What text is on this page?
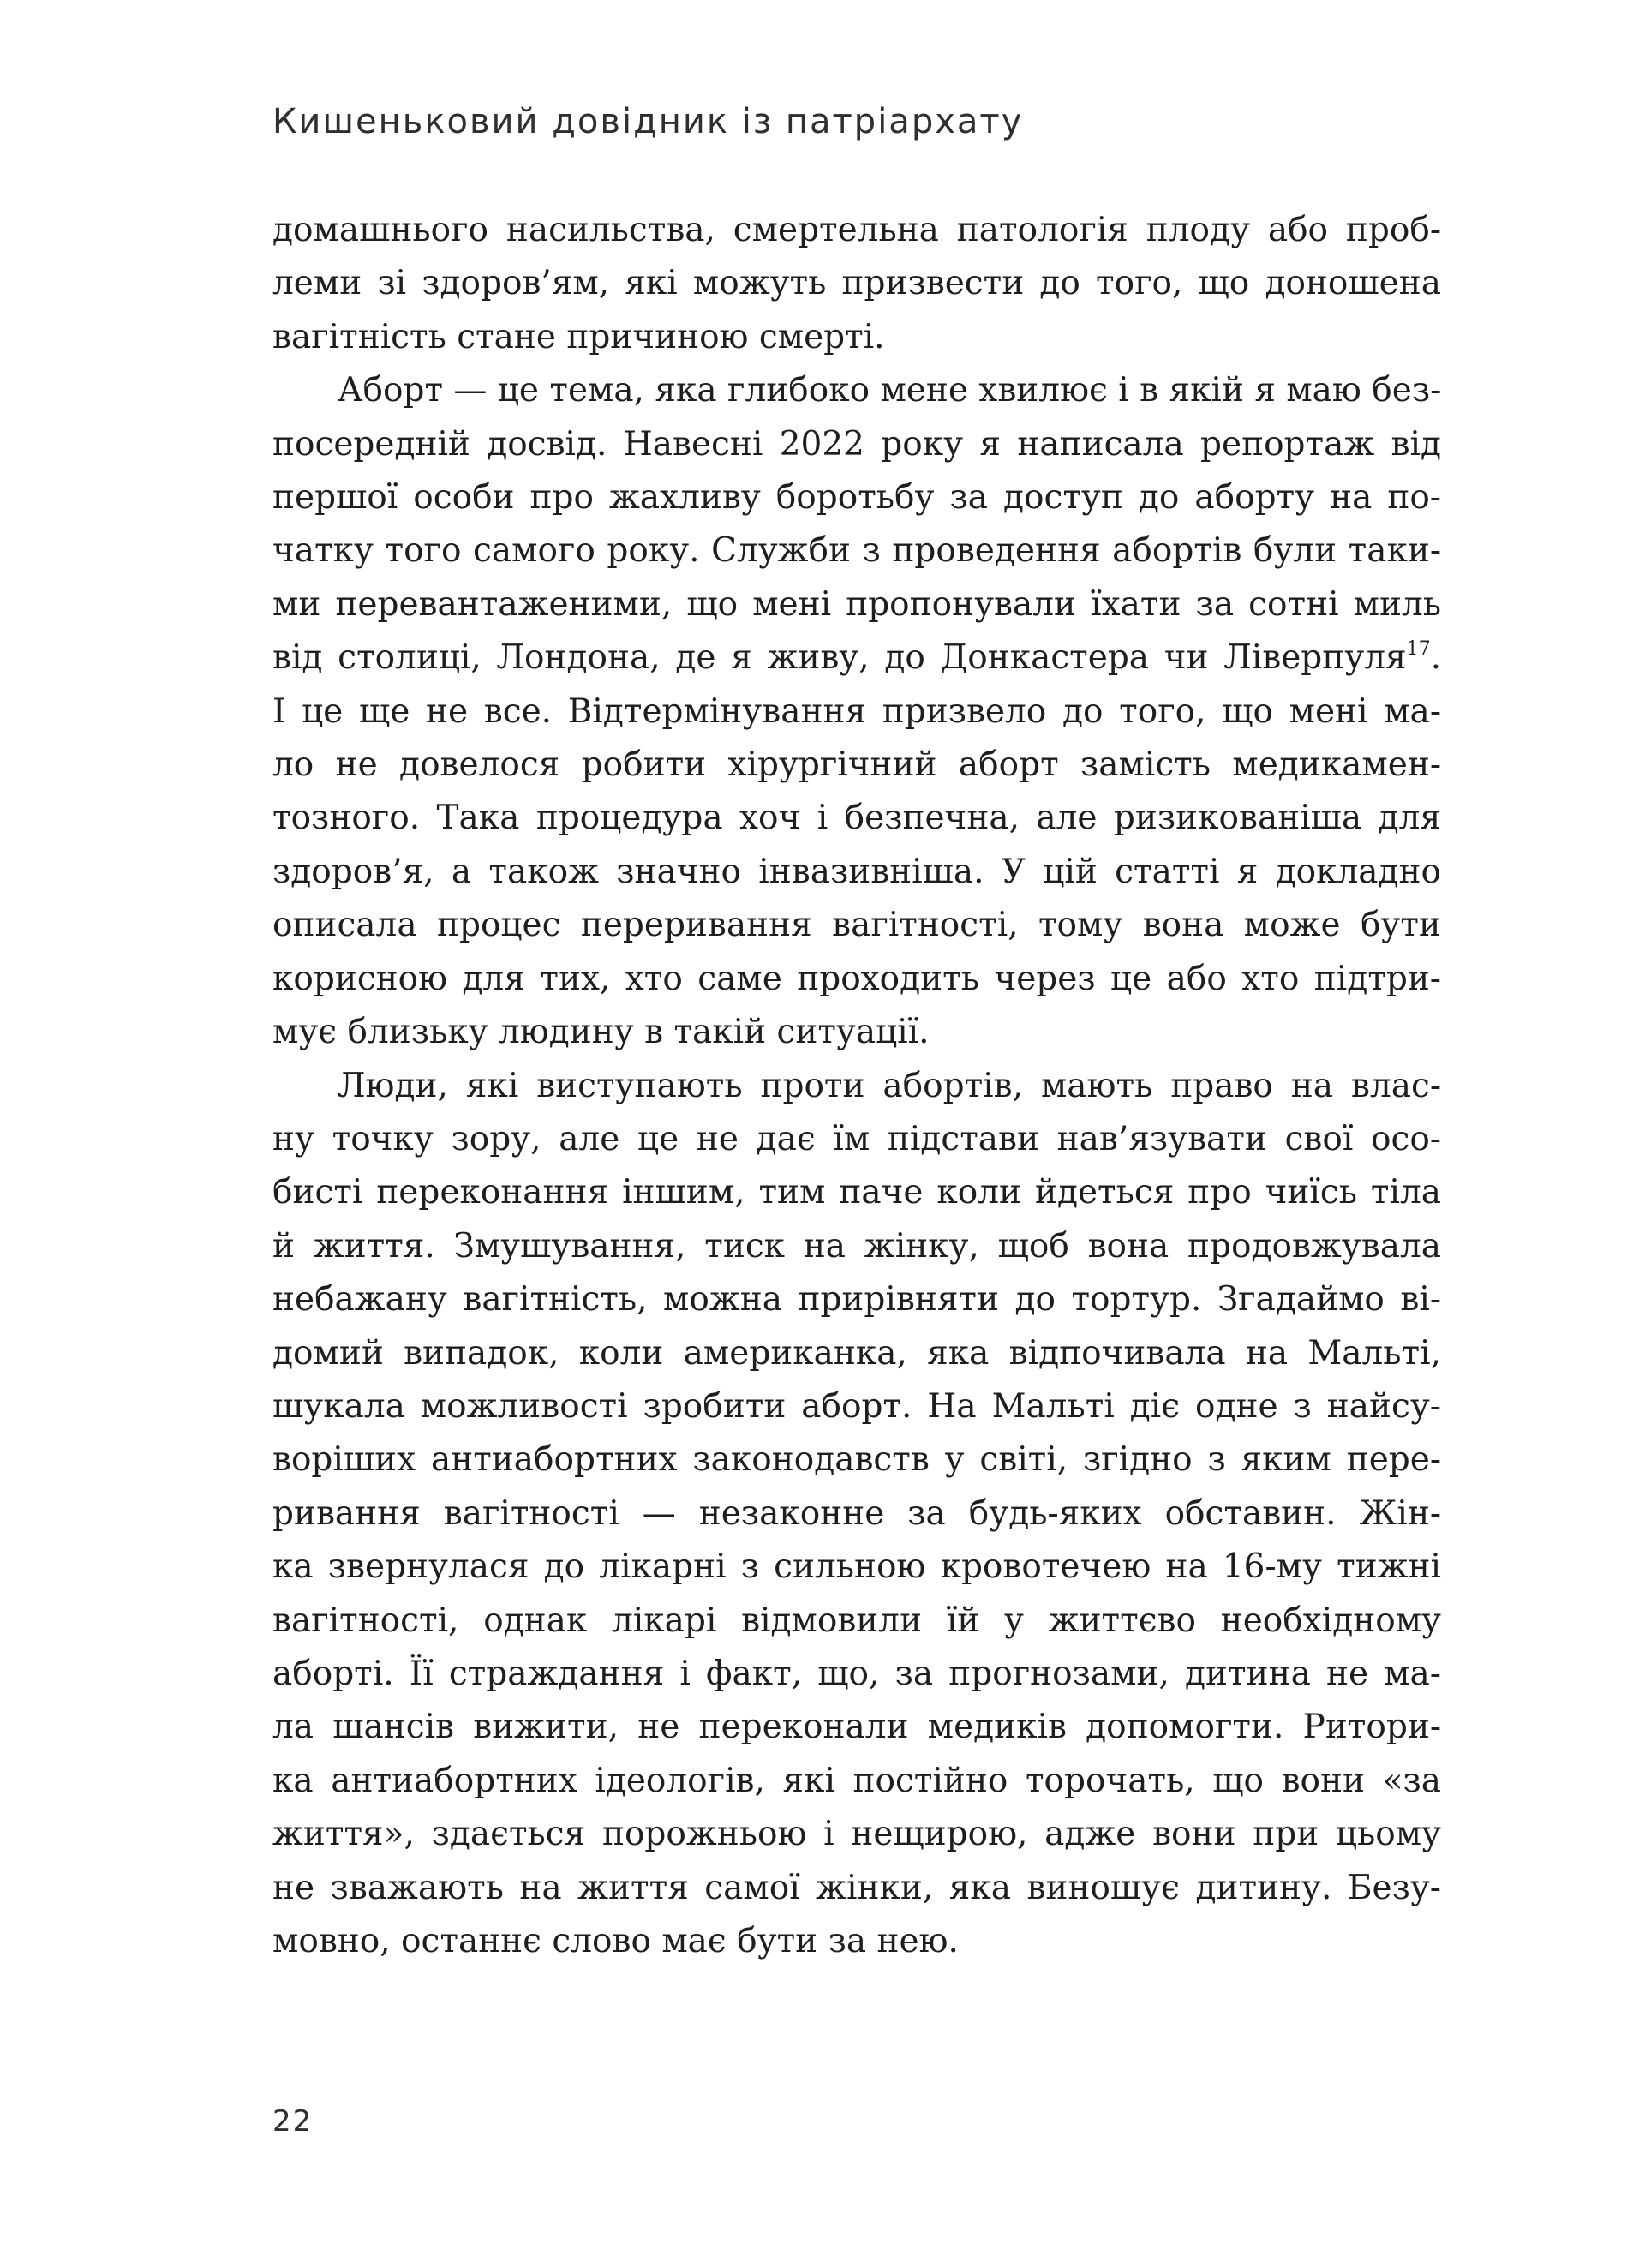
Кишеньковий довідник із патріархату
домашнього насильства, смертельна патологія плоду або проб-
леми зі здоров’ям, які можуть призвести до того, що доношена
вагітність стане причиною смерті.
Аборт — це тема, яка глибоко мене хвилює і в якій я маю без-
посередній досвід. Навесні 2022 року я написала репортаж від
першої особи про жахливу боротьбу за доступ до аборту на по-
чатку того самого року. Служби з проведення абортів були таки-
ми перевантаженими, що мені пропонували їхати за сотні миль
від столиці, Лондона, де я живу, до Донкастера чи Ліверпуля$^{17}$.
І це ще не все. Відтермінування призвело до того, що мені ма-
ло не довелося робити хірургічний аборт замість медикамен-
тозного. Така процедура хоч і безпечна, але ризикованіша для
здоров’я, а також значно інвазивніша. У цій статті я докладно
описала процес переривання вагітності, тому вона може бути
корисною для тих, хто саме проходить через це або хто підтри-
мує близьку людину в такій ситуації.
Люди, які виступають проти абортів, мають право на влас-
ну точку зору, але це не дає їм підстави нав’язувати свої осо-
бисті переконання іншим, тим паче коли йдеться про чиїсь тіла
й життя. Змушування, тиск на жінку, щоб вона продовжувала
небажану вагітність, можна прирівняти до тортур. Згадаймо ві-
домий випадок, коли американка, яка відпочивала на Мальті,
шукала можливості зробити аборт. На Мальті діє одне з найсу-
воріших антиабортних законодавств у світі, згідно з яким пере-
ривання вагітності — незаконне за будь-яких обставин. Жін-
ка звернулася до лікарні з сильною кровотечею на 16-му тижні
вагітності, однак лікарі відмовили їй у життєво необхідному
аборті. Її страждання і факт, що, за прогнозами, дитина не ма-
ла шансів вижити, не переконали медиків допомогти. Ритори-
ка антиабортних ідеологів, які постійно торочать, що вони «за
життя», здається порожньою і нещирою, адже вони при цьому
не зважають на життя самої жінки, яка виношує дитину. Безу-
мовно, останнє слово має бути за нею.
22
